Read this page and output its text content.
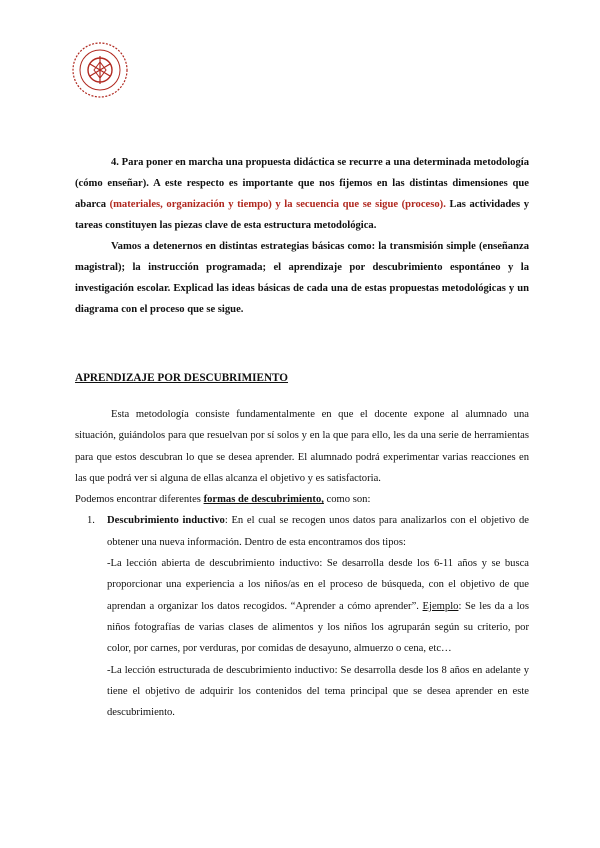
4. Para poner en marcha una propuesta didáctica se recurre a una determinada metodología (cómo enseñar). A este respecto es importante que nos fijemos en las distintas dimensiones que abarca (materiales, organización y tiempo) y la secuencia que se sigue (proceso). Las actividades y tareas constituyen las piezas clave de esta estructura metodológica.

Vamos a detenernos en distintas estrategias básicas como: la transmisión simple (enseñanza magistral); la instrucción programada; el aprendizaje por descubrimiento espontáneo y la investigación escolar. Explicad las ideas básicas de cada una de estas propuestas metodológicas y un diagrama con el proceso que se sigue.

APRENDIZAJE POR DESCUBRIMIENTO

Esta metodología consiste fundamentalmente en que el docente expone al alumnado una situación, guiándolos para que resuelvan por sí solos y en la que para ello, les da una serie de herramientas para que estos descubran lo que se desea aprender. El alumnado podrá experimentar varias reacciones en las que podrá ver si alguna de ellas alcanza el objetivo y es satisfactoria.

Podemos encontrar diferentes formas de descubrimiento, como son:

1. Descubrimiento inductivo: En el cual se recogen unos datos para analizarlos con el objetivo de obtener una nueva información. Dentro de esta encontramos dos tipos:

-La lección abierta de descubrimiento inductivo: Se desarrolla desde los 6-11 años y se busca proporcionar una experiencia a los niños/as en el proceso de búsqueda, con el objetivo de que aprendan a organizar los datos recogidos. “Aprender a cómo aprender”. Ejemplo: Se les da a los niños fotografías de varias clases de alimentos y los niños los agruparán según su criterio, por color, por carnes, por verduras, por comidas de desayuno, almuerzo o cena, etc…

-La lección estructurada de descubrimiento inductivo: Se desarrolla desde los 8 años en adelante y tiene el objetivo de adquirir los contenidos del tema principal que se desea aprender en este descubrimiento.
